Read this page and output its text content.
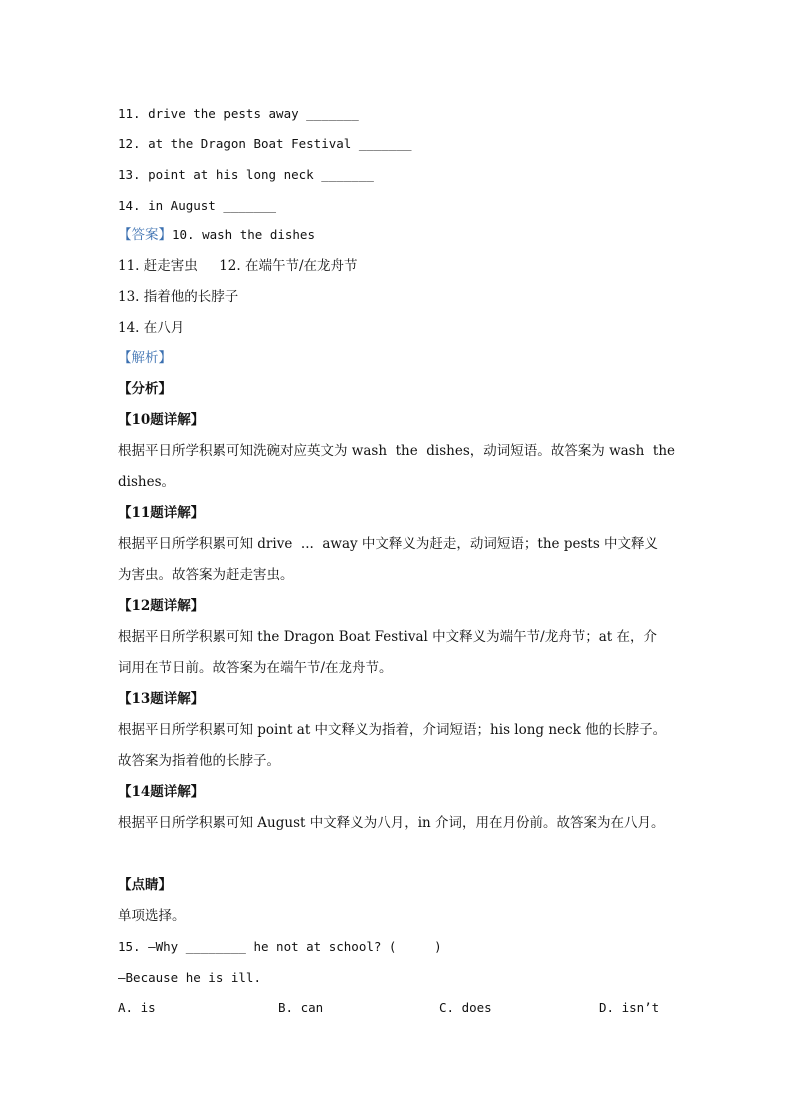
11. drive the pests away _______
12. at the Dragon Boat Festival _______
13. point at his long neck _______
14. in August _______
【答案】10. wash the dishes
11. 赶走害虫     12. 在端午节/在龙舟节
13. 指着他的长脖子
14. 在八月
【解析】
【分析】
【10题详解】
根据平日所学积累可知洗碗对应英文为 wash  the  dishes，动词短语。故答案为 wash  the
dishes。
【11题详解】
根据平日所学积累可知 drive  ...  away 中文释义为赶走，动词短语；the pests 中文释义
为害虫。故答案为赶走害虫。
【12题详解】
根据平日所学积累可知 the Dragon Boat Festival 中文释义为端午节/龙舟节；at 在，介
词用在节日前。故答案为在端午节/在龙舟节。
【13题详解】
根据平日所学积累可知 point at 中文释义为指着，介词短语；his long neck 他的长脖子。
故答案为指着他的长脖子。
【14题详解】
根据平日所学积累可知 August 中文释义为八月，in 介词，用在月份前。故答案为在八月。
【点睛】
单项选择。
15. —Why ________ he not at school? (     )
—Because he is ill.
A. is	B. can	C. does	D. isn’t
